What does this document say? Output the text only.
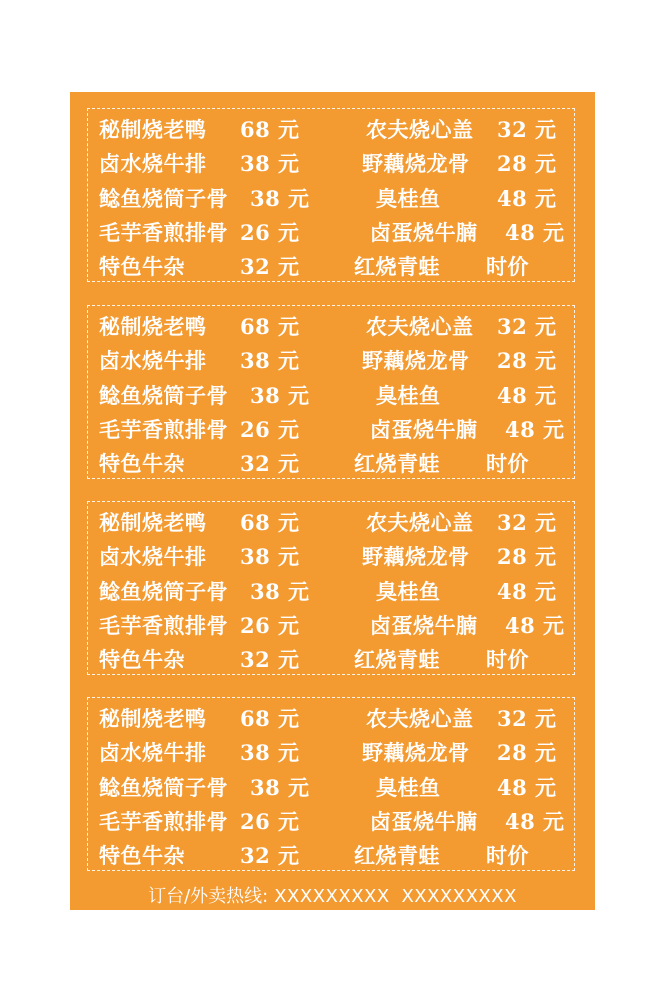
秘制烧老鸭 68 元	农夫烧心盖 32 元
卤水烧牛排 38 元	野藕烧龙骨 28 元
鲶鱼烧筒子骨 38 元	臭桂鱼	48 元
毛芋香煎排骨 26 元	卤蛋烧牛腩 48 元
特色牛杂	32 元	红烧青蛙 时价
秘制烧老鸭 68 元	农夫烧心盖 32 元
卤水烧牛排 38 元	野藕烧龙骨 28 元
鲶鱼烧筒子骨 38 元	臭桂鱼	48 元
毛芋香煎排骨 26 元	卤蛋烧牛腩 48 元
特色牛杂	32 元	红烧青蛙 时价
秘制烧老鸭 68 元	农夫烧心盖 32 元
卤水烧牛排 38 元	野藕烧龙骨 28 元
鲶鱼烧筒子骨 38 元	臭桂鱼	48 元
毛芋香煎排骨 26 元	卤蛋烧牛腩 48 元
特色牛杂	32 元	红烧青蛙 时价
秘制烧老鸭 68 元	农夫烧心盖 32 元
卤水烧牛排 38 元	野藕烧龙骨 28 元
鲶鱼烧筒子骨 38 元	臭桂鱼	48 元
毛芋香煎排骨 26 元	卤蛋烧牛腩 48 元
特色牛杂	32 元	红烧青蛙 时价
订台/外卖热线: XXXXXXXXX XXXXXXXXX
